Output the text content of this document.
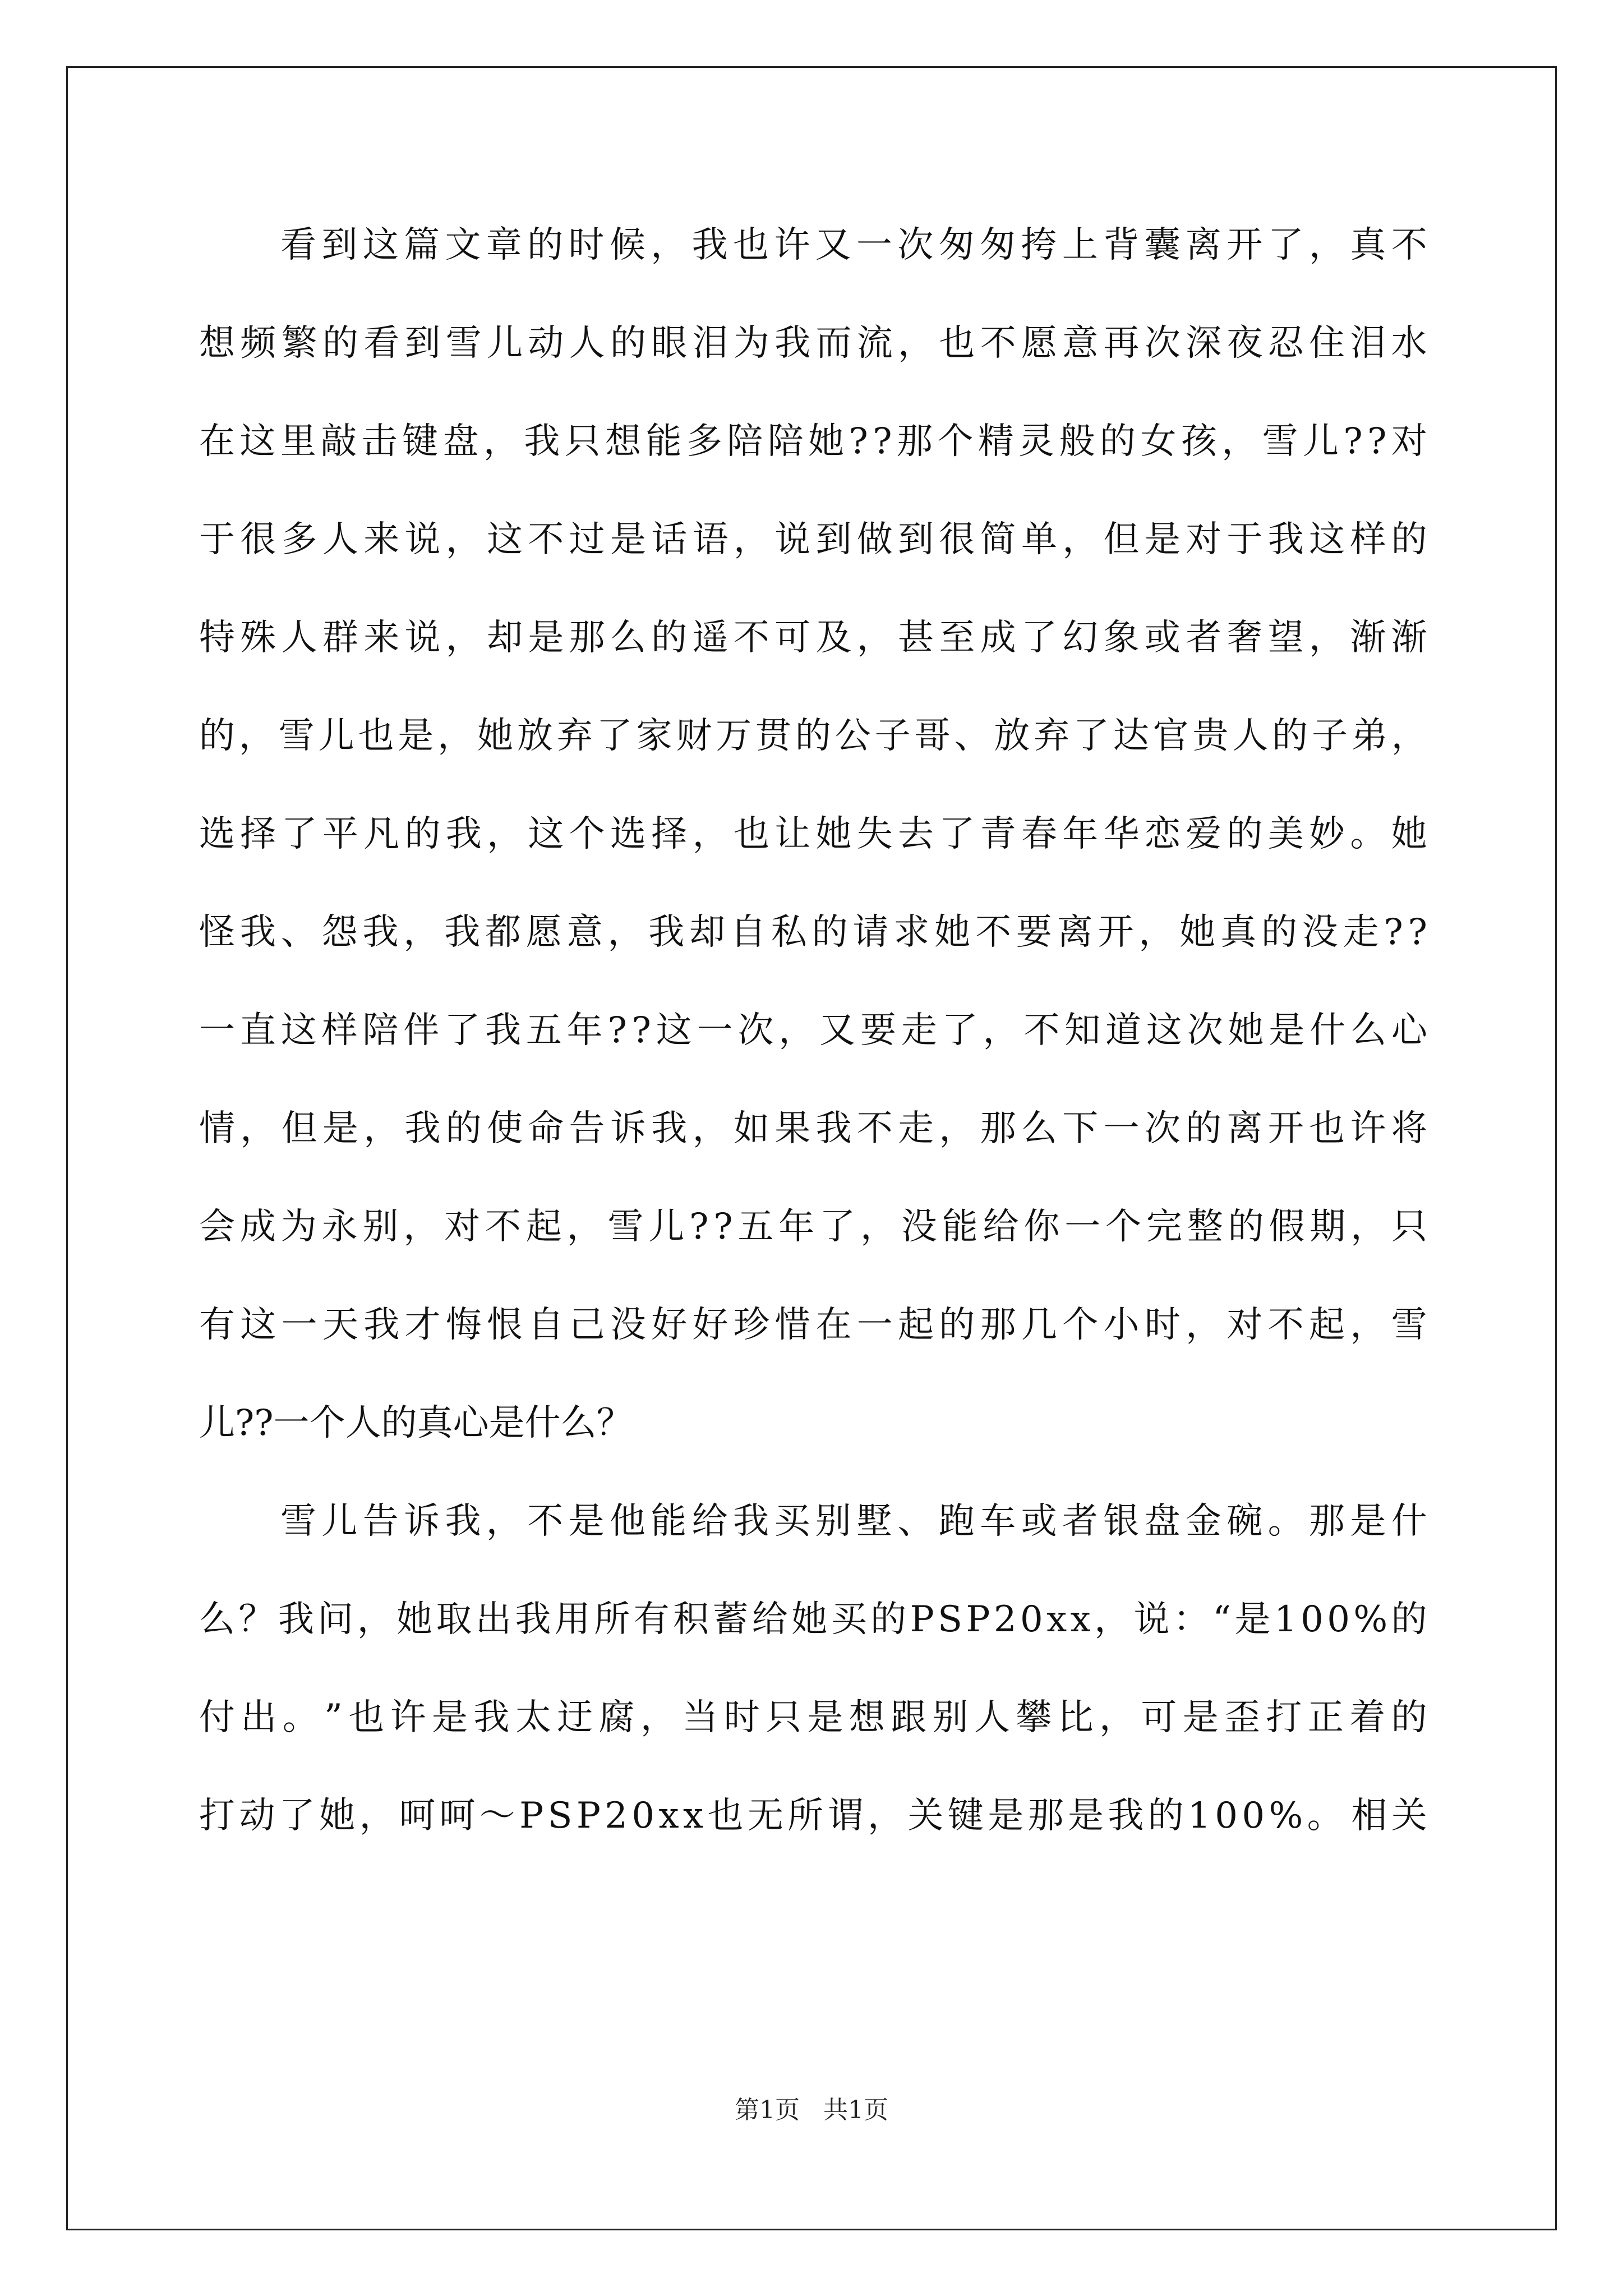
看 到 这 篇 文 章 的 时 候 ， 我 也 许 又 一 次 匆 匆 挎 上 背 囊 离 开 了 ， 真 不
想 频 繁 的 看 到 雪 儿 动 人 的 眼 泪 为 我 而 流 ， 也 不 愿 意 再 次 深 夜 忍 住 泪 水
在 这 里 敲 击 键 盘 ， 我 只 想 能 多 陪 陪 她 ? ? 那 个 精 灵 般 的 女 孩 ， 雪 儿 ? ? 对
于 很 多 人 来 说 ， 这 不 过 是 话 语 ， 说 到 做 到 很 简 单 ， 但 是 对 于 我 这 样 的
特 殊 人 群 来 说 ， 却 是 那 么 的 遥 不 可 及 ， 甚 至 成 了 幻 象 或 者 奢 望 ， 渐 渐
的 ， 雪 儿 也 是 ， 她 放 弃 了 家 财 万 贯 的 公 子 哥 、 放 弃 了 达 官 贵 人 的 子 弟 ，
选 择 了 平 凡 的 我 ， 这 个 选 择 ， 也 让 她 失 去 了 青 春 年 华 恋 爱 的 美 妙 。 她
怪 我 、 怨 我 ， 我 都 愿 意 ， 我 却 自 私 的 请 求 她 不 要 离 开 ， 她 真 的 没 走 ? ?
一 直 这 样 陪 伴 了 我 五 年 ? ? 这 一 次 ， 又 要 走 了 ， 不 知 道 这 次 她 是 什 么 心
情 ， 但 是 ， 我 的 使 命 告 诉 我 ， 如 果 我 不 走 ， 那 么 下 一 次 的 离 开 也 许 将
会 成 为 永 别 ， 对 不 起 ， 雪 儿 ? ? 五 年 了 ， 没 能 给 你 一 个 完 整 的 假 期 ， 只
有 这 一 天 我 才 悔 恨 自 己 没 好 好 珍 惜 在 一 起 的 那 几 个 小 时 ， 对 不 起 ， 雪
儿??一个人的真心是什么？
雪 儿 告 诉 我 ， 不 是 他 能 给 我 买 别 墅 、 跑 车 或 者 银 盘 金 碗 。 那 是 什
么 ？ 我 问 ， 她 取 出 我 用 所 有 积 蓄 给 她 买 的 P S P 2 0 x x ， 说 ： “ 是 1 0 0 % 的
付 出 。 ” 也 许 是 我 太 迂 腐 ， 当 时 只 是 想 跟 别 人 攀 比 ， 可 是 歪 打 正 着 的
打 动 了 她 ， 呵 呵 ～ P S P 2 0 x x 也 无 所 谓 ， 关 键 是 那 是 我 的 1 0 0 % 。 相 关
第1页 共1页
